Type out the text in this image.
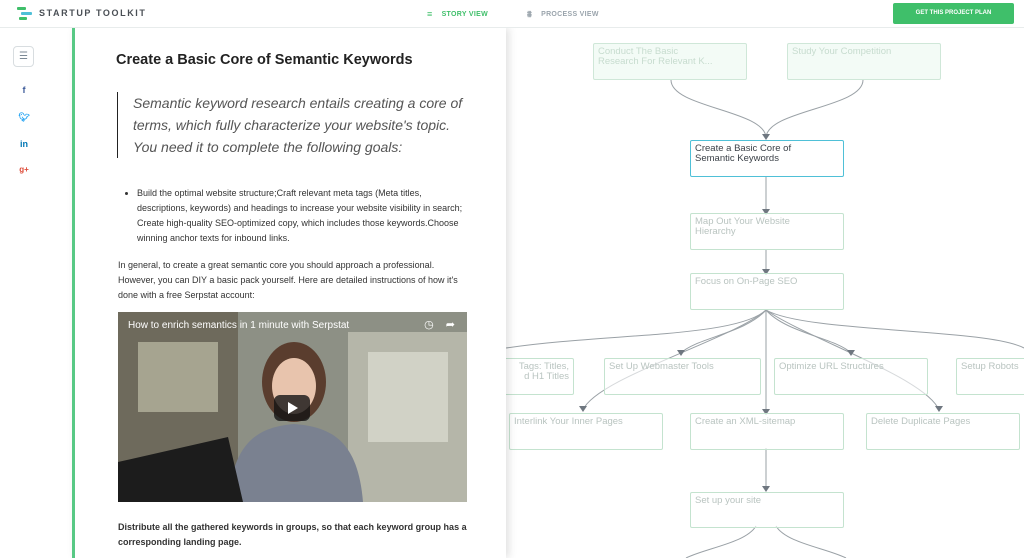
STARTUP TOOLKIT	≡ STORY VIEW	⩩ PROCESS VIEW	GET THIS PROJECT PLAN
☰
f
🐦︎
in
g+
Create a Basic Core of Semantic Keywords
Semantic keyword research entails creating a core of terms, which fully characterize your website's topic. You need it to complete the following goals:
• Build the optimal website structure;Craft relevant meta tags (Meta titles, descriptions, keywords) and headings to increase your website visibility in search; Create high-quality SEO-optimized copy, which includes those keywords.Choose winning anchor texts for inbound links.
In general, to create a great semantic core you should approach a professional. However, you can DIY a basic pack yourself. Here are detailed instructions of how it's done with a free Serpstat account:
How to enrich semantics in 1 minute with Serpstat	◷ ➦
Distribute all the gathered keywords in groups, so that each keyword group has a corresponding landing page.
Conduct The Basic
Research For Relevant K...
Study Your Competition
Create a Basic Core of
Semantic Keywords
Map Out Your Website
Hierarchy
Focus on On-Page SEO
Tags: Titles,
d H1 Titles
Set Up Webmaster Tools	Optimize URL Structures	Setup Robots
Interlink Your Inner Pages	Create an XML-sitemap	Delete Duplicate Pages
Set up your site
